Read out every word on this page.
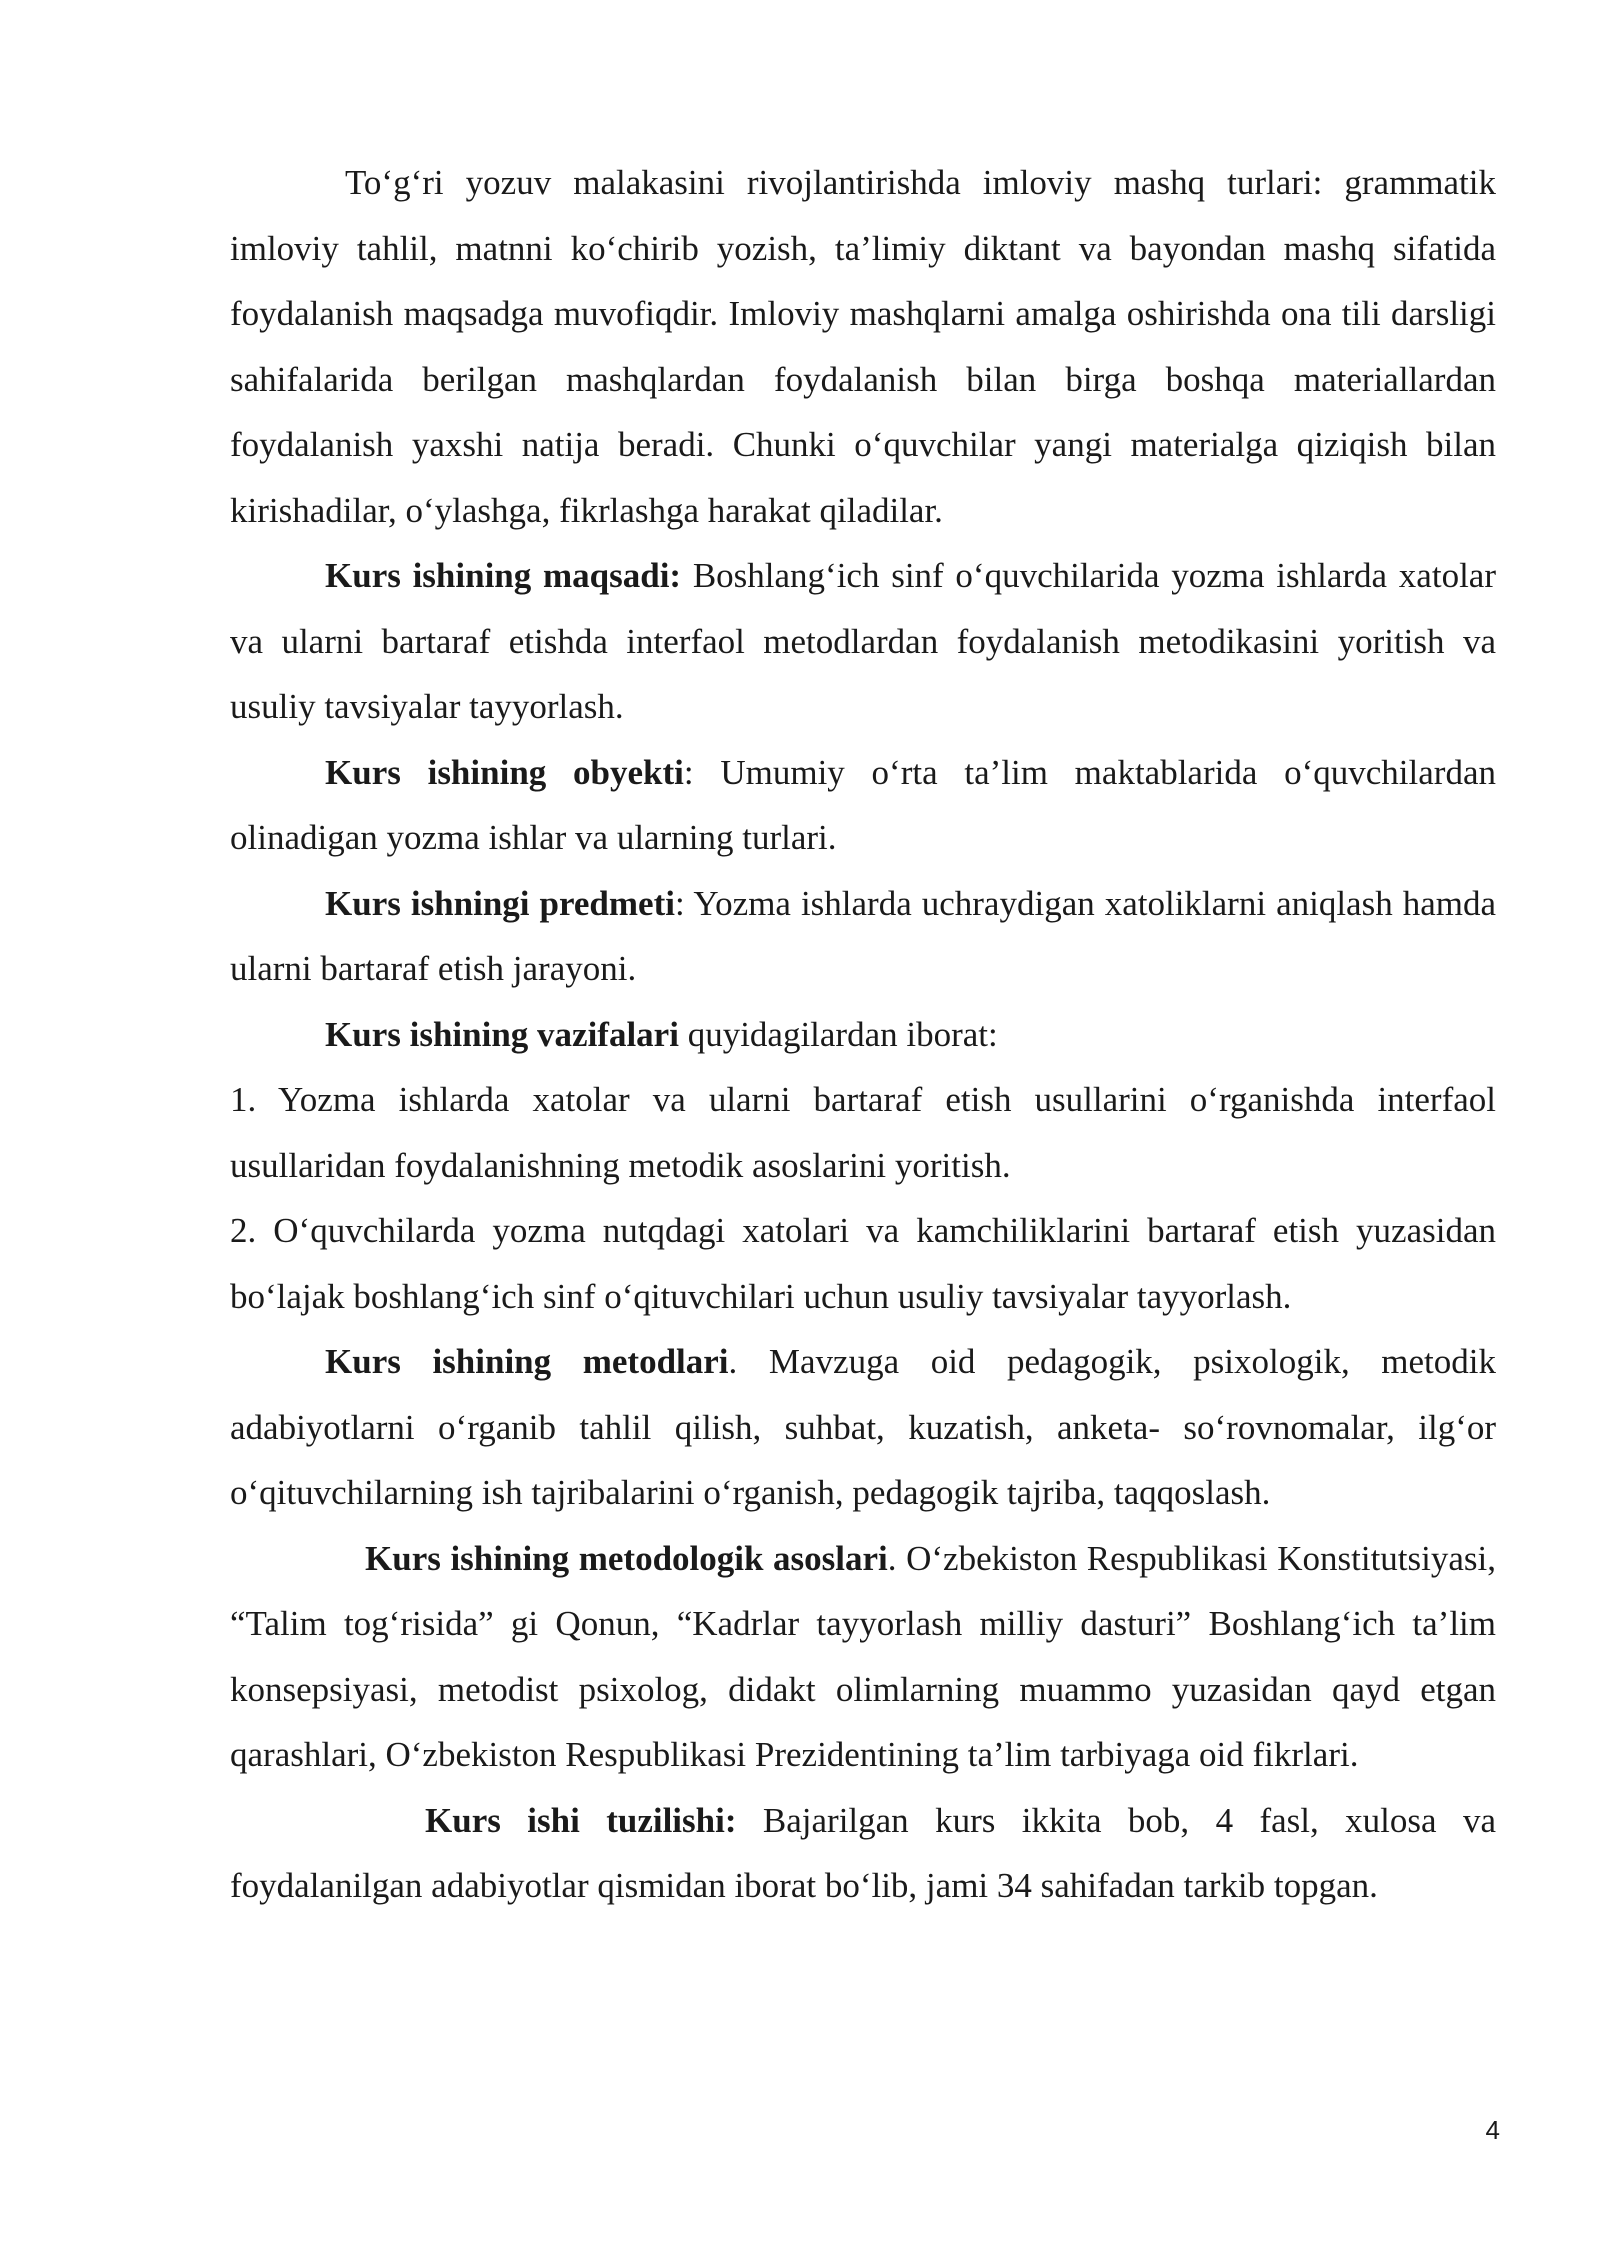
To‘g‘ri yozuv malakasini rivojlantirishda imloviy mashq turlari: grammatik imloviy tahlil, matnni ko‘chirib yozish, ta’limiy diktant va bayondan mashq sifatida foydalanish maqsadga muvofiqdir. Imloviy mashqlarni amalga oshirishda ona tili darsligi sahifalarida berilgan mashqlardan foydalanish bilan birga boshqa materiallardan foydalanish yaxshi natija beradi. Chunki o‘quvchilar yangi materialga qiziqish bilan kirishadilar, o‘ylashga, fikrlashga harakat qiladilar.

Kurs ishining maqsadi: Boshlang‘ich sinf o‘quvchilarida yozma ishlarda xatolar va ularni bartaraf etishda interfaol metodlardan foydalanish metodikasini yoritish va usuliy tavsiyalar tayyorlash.

Kurs ishining obyekti: Umumiy o‘rta ta’lim maktablarida o‘quvchilardan olinadigan yozma ishlar va ularning turlari.

Kurs ishningi predmeti: Yozma ishlarda uchraydigan xatoliklarni aniqlash hamda ularni bartaraf etish jarayoni.

Kurs ishining vazifalari quyidagilardan iborat:

1. Yozma ishlarda xatolar va ularni bartaraf etish usullarini o‘rganishda interfaol usullaridan foydalanishning metodik asoslarini yoritish.

2. O‘quvchilarda yozma nutqdagi xatolari va kamchiliklarini bartaraf etish yuzasidan bo‘lajak boshlang‘ich sinf o‘qituvchilari uchun usuliy tavsiyalar tayyorlash.

Kurs ishining metodlari. Mavzuga oid pedagogik, psixologik, metodik adabiyotlarni o‘rganib tahlil qilish, suhbat, kuzatish, anketa- so‘rovnomalar, ilg‘or o‘qituvchilarning ish tajribalarini o‘rganish, pedagogik tajriba, taqqoslash.

Kurs ishining metodologik asoslari. O‘zbekiston Respublikasi Konstitutsiyasi, “Talim tog‘risida” gi Qonun, “Kadrlar tayyorlash milliy dasturi” Boshlang‘ich ta’lim konsepsiyasi, metodist psixolog, didakt olimlarning muammo yuzasidan qayd etgan qarashlari, O‘zbekiston Respublikasi Prezidentining ta’lim tarbiyaga oid fikrlari.

Kurs ishi tuzilishi: Bajarilgan kurs ikkita bob, 4 fasl, xulosa va foydalanilgan adabiyotlar qismidan iborat bo‘lib, jami 34 sahifadan tarkib topgan.

4
